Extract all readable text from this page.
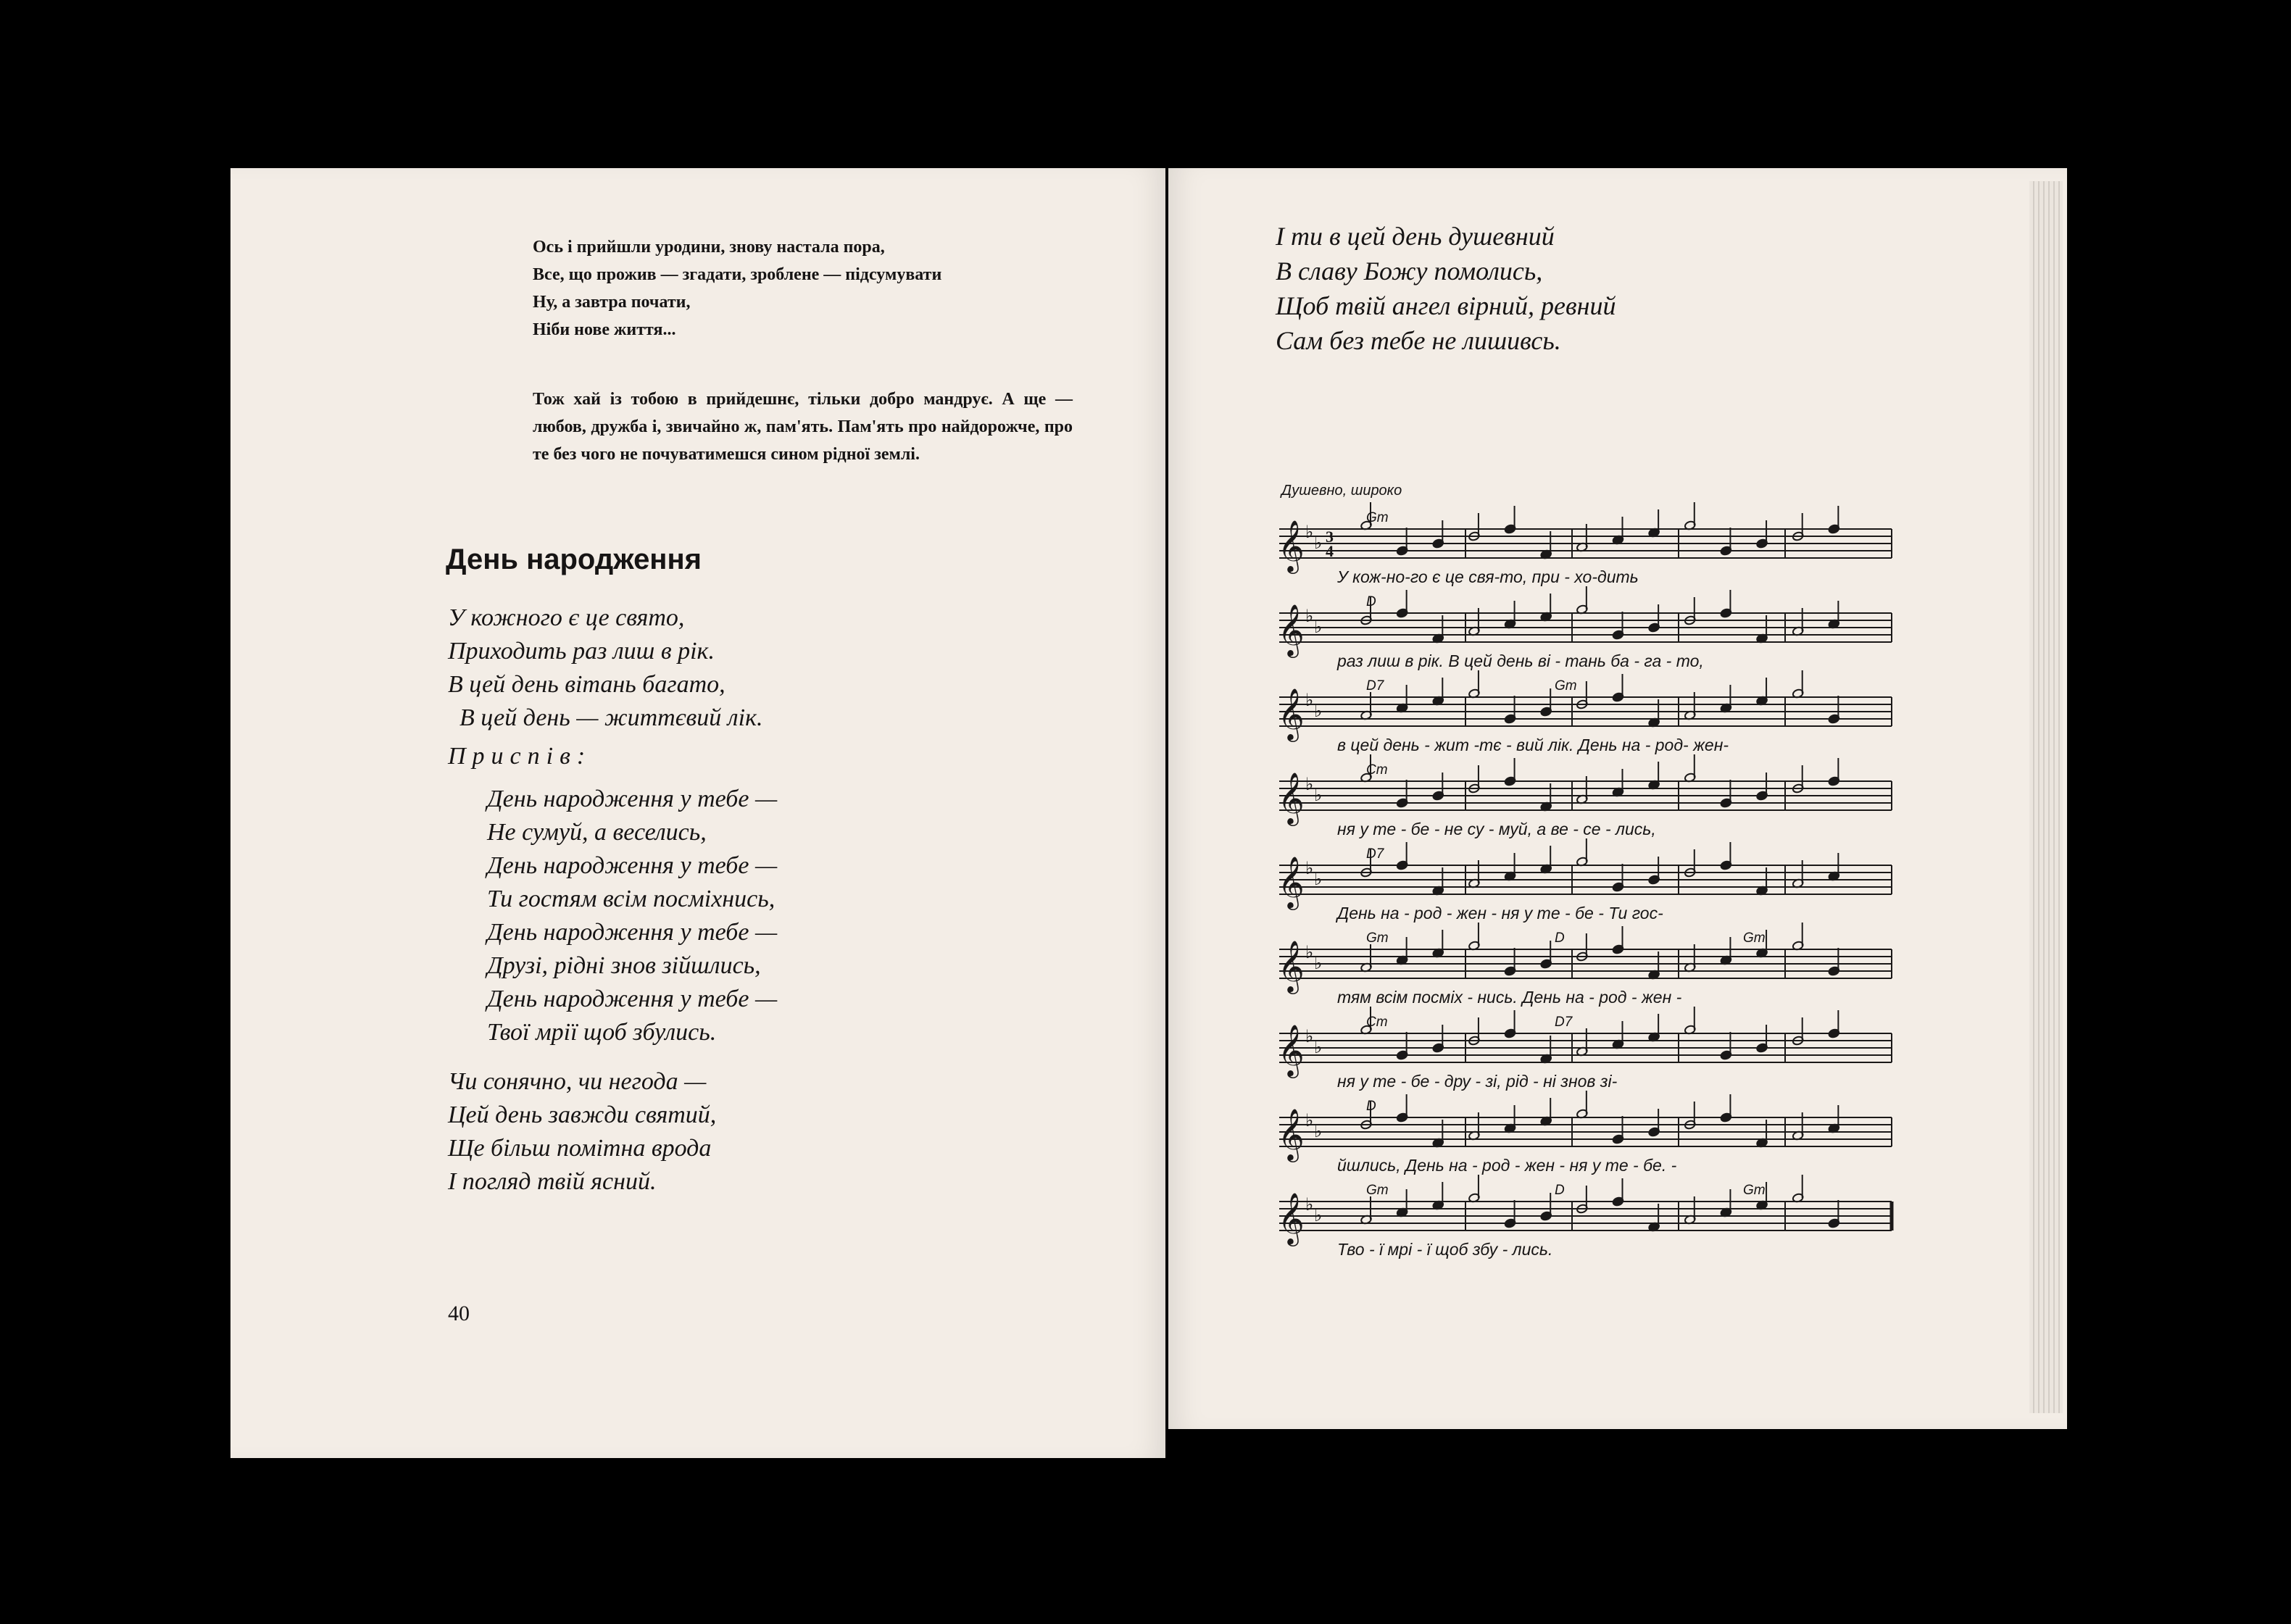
Ось і прийшли уродини, знову настала пора,
Все, що прожив — згадати, зроблене — підсумувати
Ну, а завтра почати,
Ніби нове життя...
Тож хай із тобою в прийдешнє, тільки добро мандрує. А ще — любов, дружба і, звичайно ж, пам'ять. Пам'ять про найдорожче, про те без чого не почуватимешся сином рідної землі.
День народження
У кожного є це свято,
Приходить раз лиш в рік.
В цей день вітань багато,
В цей день — життєвий лік.
Приспів:
День народження у тебе —
Не сумуй, а веселись,
День народження у тебе —
Ти гостям всім посміхнись,
День народження у тебе —
Друзі, рідні знов зійшлись,
День народження у тебе —
Твої мрії щоб збулись.
Чи сонячно, чи негода —
Цей день завжди святий,
Ще більш помітна врода
І погляд твій ясний.
40
І ти в цей день душевний
В славу Божу помолись,
Щоб твій ангел вірний, ревний
Сам без тебе не лишивсь.
Душевно, широко
𝄞 ♭
♭
Gm
У кож-но-го є це свя-то, при - хо-дить
3
4
𝄞 ♭
♭
D
раз лиш в рік. В цей день ві - тань ба - га - то,
𝄞 ♭
♭
D7	Gm
в цей день - жит -тє - вий лік. День на - род- жен-
𝄞 ♭
♭
Cm
ня у те - бе - не су - муй, а ве - се - лись,
𝄞 ♭
♭
D7
День на - род - жен - ня у те - бе - Ти гос-
𝄞 ♭
♭
Gm	D	Gm
тям всім посміх - нись. День на - род - жен -
𝄞 ♭
♭
Cm	D7
ня у те - бе - дру - зі, рід - ні знов зі-
𝄞 ♭
♭
D
йшлись, День на - род - жен - ня у те - бе. -
𝄞 ♭
♭
Gm	D	Gm
Тво - ї мрі - ї щоб збу - лись.
